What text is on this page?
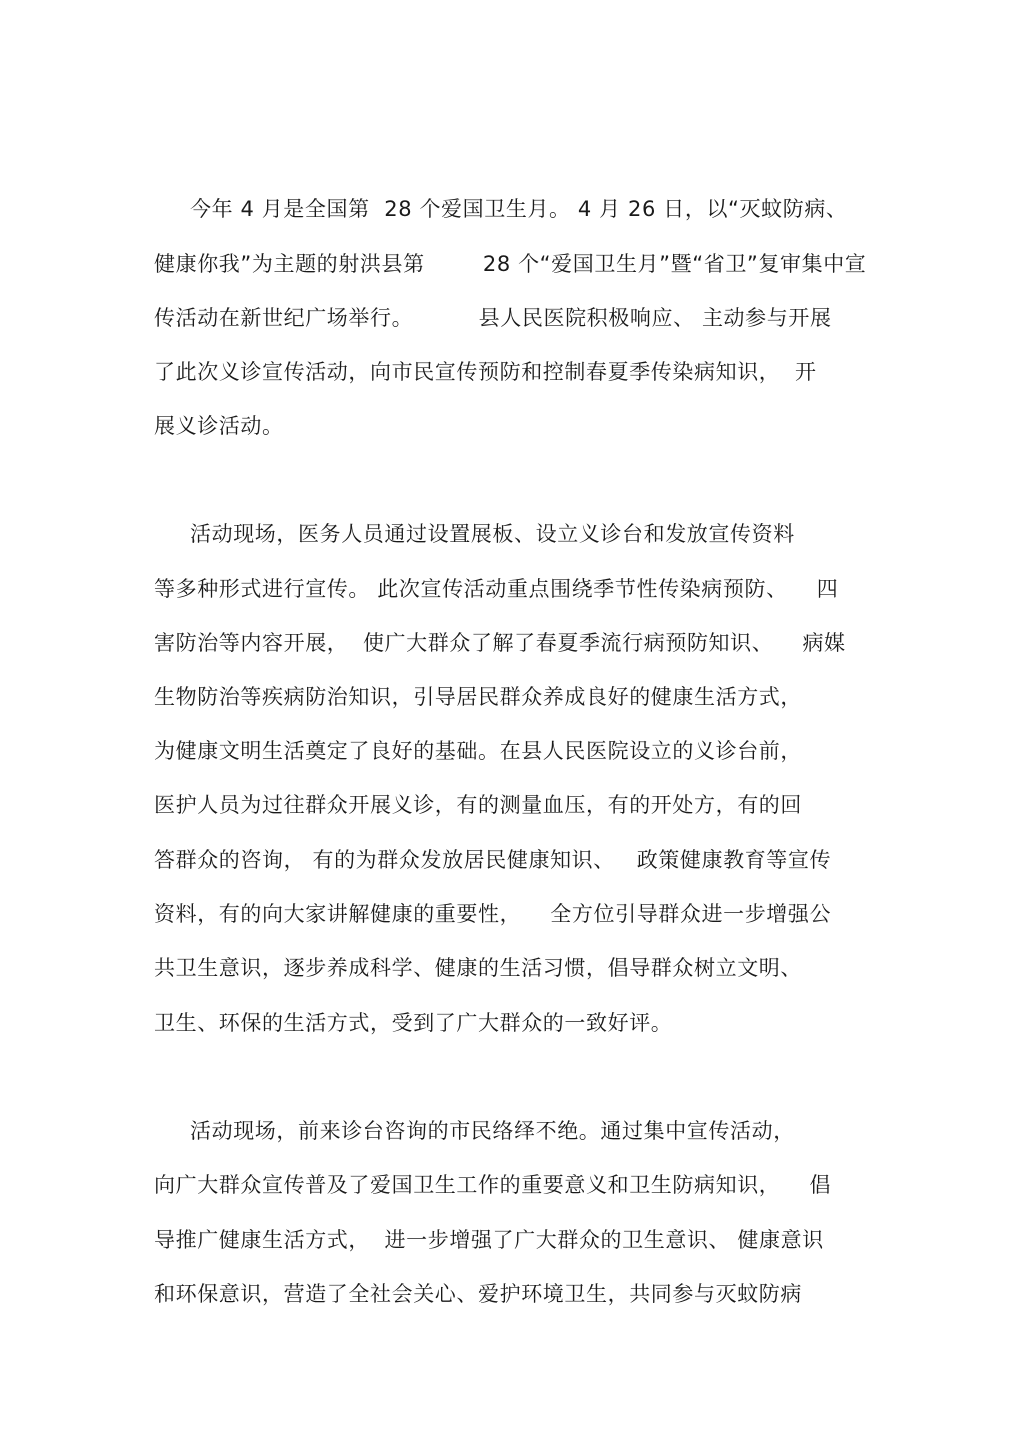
今年 4 月是全国第  28 个爱国卫生月。 4 月 26 日，以“灭蚊防病、
健康你我”为主题的射洪县第        28 个“爱国卫生月”暨“省卫”复审集中宣
传活动在新世纪广场举行。         县人民医院积极响应、 主动参与开展
了此次义诊宣传活动，向市民宣传预防和控制春夏季传染病知识，  开
展义诊活动。
活动现场，医务人员通过设置展板、设立义诊台和发放宣传资料
等多种形式进行宣传。 此次宣传活动重点围绕季节性传染病预防、    四
害防治等内容开展，  使广大群众了解了春夏季流行病预防知识、    病媒
生物防治等疾病防治知识，引导居民群众养成良好的健康生活方式，
为健康文明生活奠定了良好的基础。在县人民医院设立的义诊台前，
医护人员为过往群众开展义诊，有的测量血压，有的开处方，有的回
答群众的咨询， 有的为群众发放居民健康知识、   政策健康教育等宣传
资料，有的向大家讲解健康的重要性，    全方位引导群众进一步增强公
共卫生意识，逐步养成科学、健康的生活习惯，倡导群众树立文明、
卫生、环保的生活方式，受到了广大群众的一致好评。
活动现场，前来诊台咨询的市民络绎不绝。通过集中宣传活动，
向广大群众宣传普及了爱国卫生工作的重要意义和卫生防病知识，    倡
导推广健康生活方式，  进一步增强了广大群众的卫生意识、 健康意识
和环保意识，营造了全社会关心、爱护环境卫生，共同参与灭蚊防病
